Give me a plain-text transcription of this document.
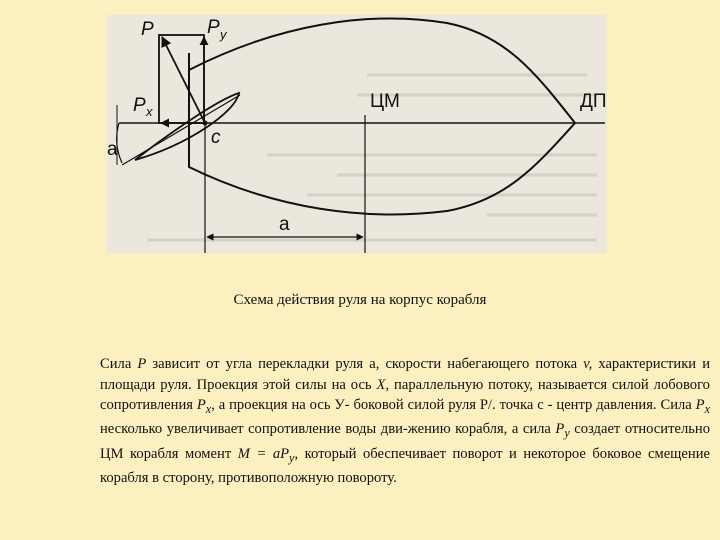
P	P y
P x
a
c
ЦМ	ДП
a
Схема действия руля на корпус корабля

Сила P зависит от угла перекладки руля а, скорости набегающего потока v, характеристики и площади руля. Проекция этой силы на ось X, параллельную потоку, называется силой лобового сопротивления $P_x$, а проекция на ось У- боковой силой руля Р/. точка с - центр давления. Сила $P_x$ несколько увеличивает сопротивление воды дви-жению корабля, а сила $P_y$ создает относительно ЦМ корабля момент $M = aP_y$, который обеспечивает поворот и некоторое боковое смещение корабля в сторону, противоположную повороту.
